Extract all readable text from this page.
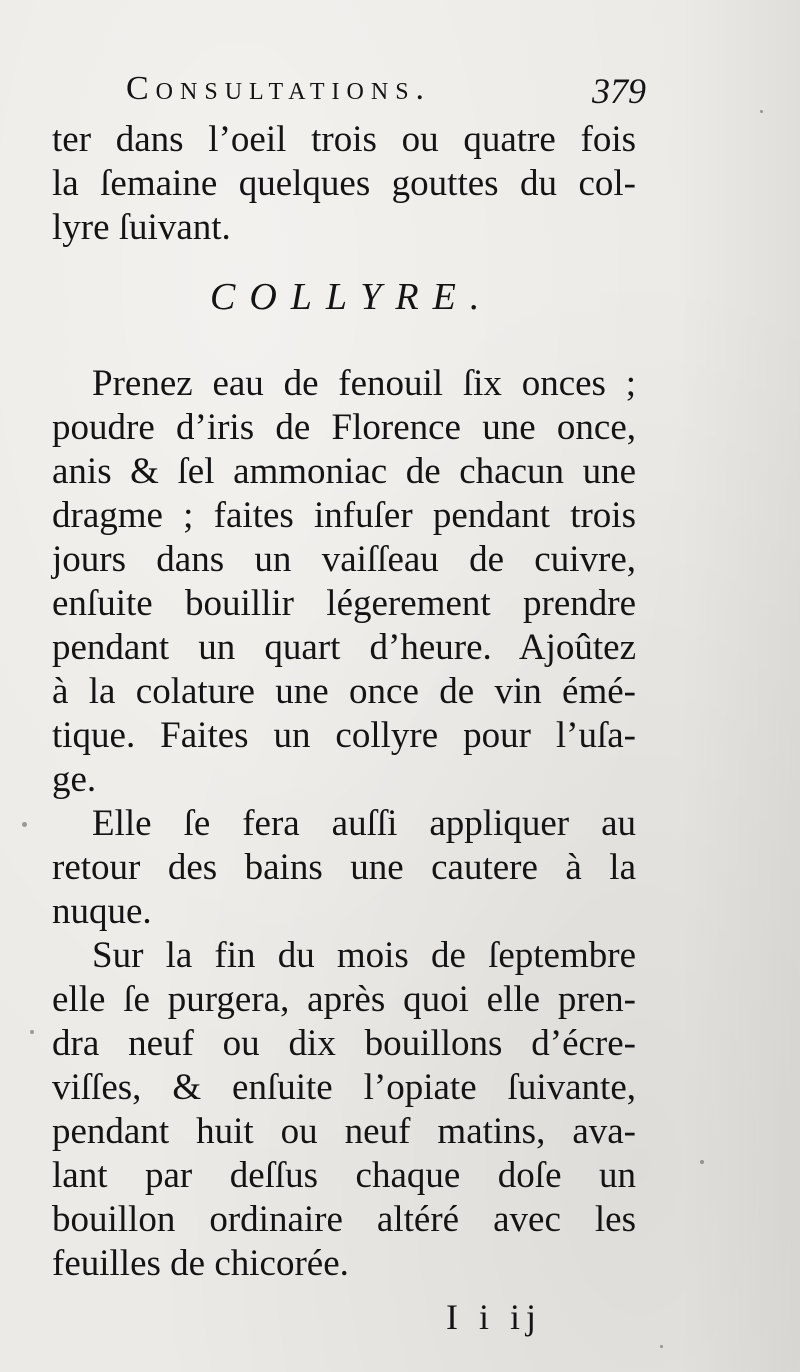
Consultations.	379
ter dans l’oeil trois ou quatre fois
la ſemaine quelques gouttes du col-
lyre ſuivant.
COLLYRE.
Prenez eau de fenouil ſix onces ;
poudre d’iris de Florence une once,
anis & ſel ammoniac de chacun une
dragme ; faites infuſer pendant trois
jours dans un vaiſſeau de cuivre,
enſuite bouillir légerement prendre
pendant un quart d’heure. Ajoûtez
à la colature une once de vin émé-
tique. Faites un collyre pour l’uſa-
ge.
Elle ſe fera auſſi appliquer au
retour des bains une cautere à la
nuque.
Sur la fin du mois de ſeptembre
elle ſe purgera, après quoi elle pren-
dra neuf ou dix bouillons d’écre-
viſſes, & enſuite l’opiate ſuivante,
pendant huit ou neuf matins, ava-
lant par deſſus chaque doſe un
bouillon ordinaire altéré avec les
feuilles de chicorée.
I i ij
